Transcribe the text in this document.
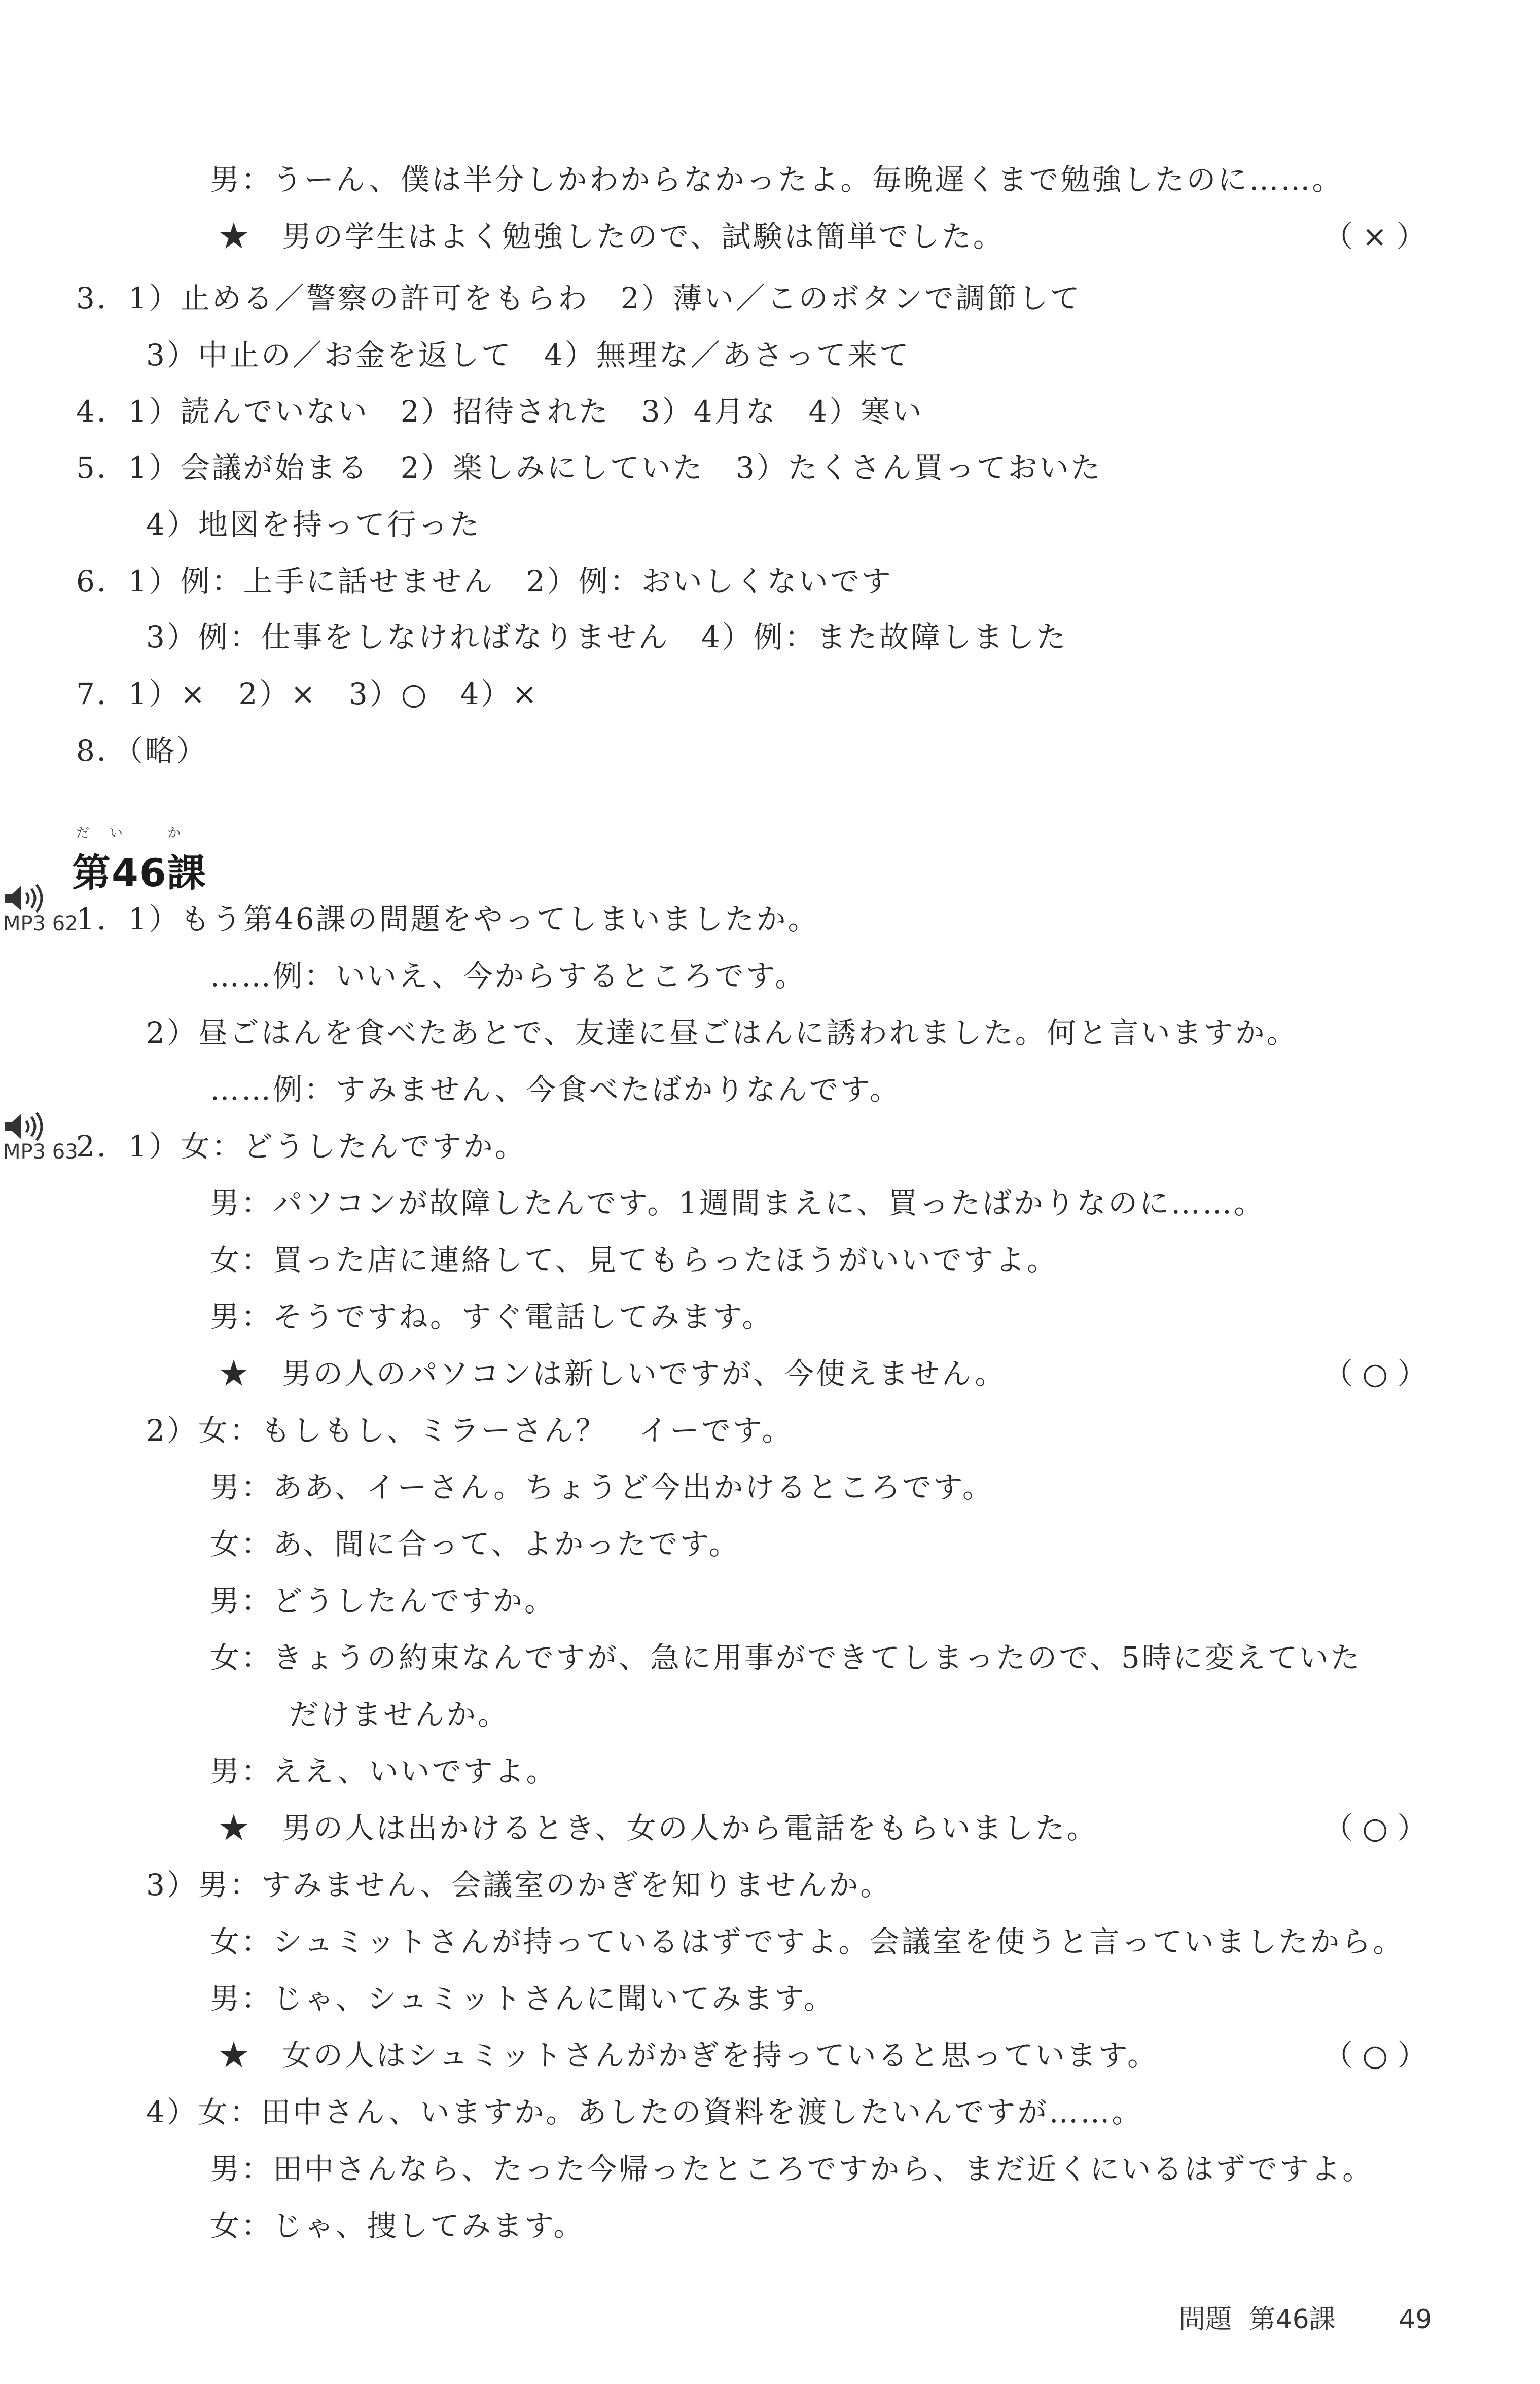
男：うーん、僕は半分しかわからなかったよ。毎晩遅くまで勉強したのに……。
★　男の学生はよく勉強したので、試験は簡単でした。	（ × ）
3．1）止める／警察の許可をもらわ　2）薄い／このボタンで調節して
3）中止の／お金を返して　4）無理な／あさって来て
4．1）読んでいない　2）招待された　3）4月な　4）寒い
5．1）会議が始まる　2）楽しみにしていた　3）たくさん買っておいた
4）地図を持って行った
6．1）例：上手に話せません　2）例：おいしくないです
3）例：仕事をしなければなりません　4）例：また故障しました
7．1）×　2）×　3）○　4）×
8．（略）
だい か
第46課
MP3 62
1．1）もう第46課の問題をやってしまいましたか。
……例：いいえ、今からするところです。
2）昼ごはんを食べたあとで、友達に昼ごはんに誘われました。何と言いますか。
……例：すみません、今食べたばかりなんです。
MP3 63
2．1）女：どうしたんですか。
男：パソコンが故障したんです。1週間まえに、買ったばかりなのに……。
女：買った店に連絡して、見てもらったほうがいいですよ。
男：そうですね。すぐ電話してみます。
★　男の人のパソコンは新しいですが、今使えません。	（ ○ ）
2）女：もしもし、ミラーさん？　イーです。
男：ああ、イーさん。ちょうど今出かけるところです。
女：あ、間に合って、よかったです。
男：どうしたんですか。
女：きょうの約束なんですが、急に用事ができてしまったので、5時に変えていた
だけませんか。
男：ええ、いいですよ。
★　男の人は出かけるとき、女の人から電話をもらいました。	（ ○ ）
3）男：すみません、会議室のかぎを知りませんか。
女：シュミットさんが持っているはずですよ。会議室を使うと言っていましたから。
男：じゃ、シュミットさんに聞いてみます。
★　女の人はシュミットさんがかぎを持っていると思っています。	（ ○ ）
4）女：田中さん、いますか。あしたの資料を渡したいんですが……。
男：田中さんなら、たった今帰ったところですから、まだ近くにいるはずですよ。
女：じゃ、捜してみます。
問題 第46課 49
